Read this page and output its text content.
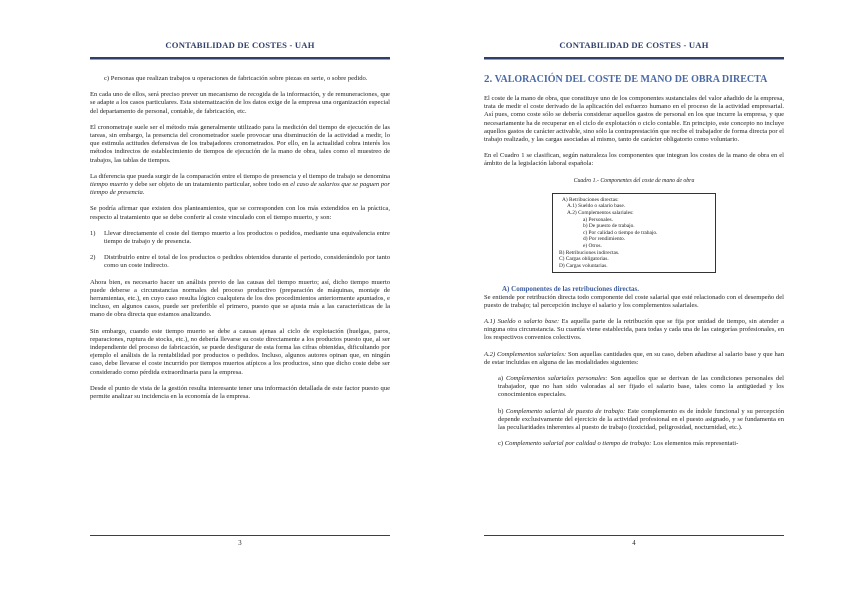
CONTABILIDAD DE COSTES - UAH

c) Personas que realizan trabajos u operaciones de fabricación sobre piezas en serie, o sobre pedido.

En cada uno de ellos, será preciso prever un mecanismo de recogida de la información, y de remuneraciones, que se adapte a los casos particulares. Esta sistematización de los datos exige de la empresa una organización especial del departamento de personal, contable, de fabricación, etc.

El cronometraje suele ser el método más generalmente utilizado para la medición del tiempo de ejecución de las tareas, sin embargo, la presencia del cronometrador suele provocar una disminución de la actividad a medir, lo que estimula actitudes defensivas de los trabajadores cronometrados. Por ello, en la actualidad cobra interés los métodos indirectos de establecimiento de tiempos de ejecución de la mano de obra, tales como el muestreo de trabajos, las tablas de tiempos.

La diferencia que pueda surgir de la comparación entre el tiempo de presencia y el tiempo de trabajo se denomina tiempo muerto y debe ser objeto de un tratamiento particular, sobre todo en el caso de salarios que se paguen por tiempo de presencia.

Se podría afirmar que existen dos planteamientos, que se corresponden con los más extendidos en la práctica, respecto al tratamiento que se debe conferir al coste vinculado con el tiempo muerto, y son:

1)	Llevar directamente el coste del tiempo muerto a los productos o pedidos, mediante una equivalencia entre tiempo de trabajo y de presencia.
2)	Distribuirlo entre el total de los productos o pedidos obtenidos durante el periodo, considerándolo por tanto como un coste indirecto.

Ahora bien, es necesario hacer un análisis previo de las causas del tiempo muerto; así, dicho tiempo muerto puede deberse a circunstancias normales del proceso productivo (preparación de máquinas, montaje de herramientas, etc.), en cuyo caso resulta lógico cualquiera de los dos procedimientos anteriormente apuntados, e incluso, en algunos casos, puede ser preferible el primero, puesto que se ajusta más a las características de la mano de obra directa que estamos analizando.

Sin embargo, cuando este tiempo muerto se debe a causas ajenas al ciclo de explotación (huelgas, paros, reparaciones, ruptura de stocks, etc.), no debería llevarse su coste directamente a los productos puesto que, al ser independiente del proceso de fabricación, se puede desfigurar de esta forma las cifras obtenidas, dificultando por ejemplo el análisis de la rentabilidad por productos o pedidos. Incluso, algunos autores opinan que, en ningún caso, debe llevarse el coste incurrido por tiempos muertos atípicos a los productos, sino que dicho coste debe ser considerado como pérdida extraordinaria para la empresa.

Desde el punto de vista de la gestión resulta interesante tener una información detallada de este factor puesto que permite analizar su incidencia en la economía de la empresa.

3
CONTABILIDAD DE COSTES - UAH
2. VALORACIÓN DEL COSTE DE MANO DE OBRA DIRECTA

El coste de la mano de obra, que constituye uno de los componentes sustanciales del valor añadido de la empresa, trata de medir el coste derivado de la aplicación del esfuerzo humano en el proceso de la actividad empresarial. Así pues, como coste sólo se debería considerar aquellos gastos de personal en los que incurre la empresa, y que necesariamente ha de recuperar en el ciclo de explotación o ciclo contable. En principio, este concepto no incluye aquellos gastos de carácter activable, sino sólo la contraprestación que recibe el trabajador de forma directa por el trabajo realizado, y las cargas asociadas al mismo, tanto de carácter obligatorio como voluntario.

En el Cuadro 1 se clasifican, según naturaleza los componentes que integran los costes de la mano de obra en el ámbito de la legislación laboral española:

Cuadro 1.- Componentes del coste de mano de obra
A) Retribuciones directas:
A.1) Sueldo o salario base.
A.2) Complementos salariales:
a) Personales.
b) De puesto de trabajo.
c) Por calidad o tiempo de trabajo.
d) Por rendimiento.
e) Otros.
B) Retribuciones indirectas.
C) Cargas obligatorias.
D) Cargas voluntarias.

A) Componentes de las retribuciones directas.

Se entiende por retribución directa todo componente del coste salarial que esté relacionado con el desempeño del puesto de trabajo; tal percepción incluye el salario y los complementos salariales.

A.1) Sueldo o salario base: Es aquella parte de la retribución que se fija por unidad de tiempo, sin atender a ninguna otra circunstancia. Su cuantía viene establecida, para todas y cada una de las categorías profesionales, en los respectivos convenios colectivos.

A.2) Complementos salariales: Son aquellas cantidades que, en su caso, deben añadirse al salario base y que han de estar incluidas en alguna de las modalidades siguientes:

a) Complementos salariales personales: Son aquellos que se derivan de las condiciones personales del trabajador, que no han sido valoradas al ser fijado el salario base, tales como la antigüedad y los conocimientos especiales.

b) Complemento salarial de puesto de trabajo: Este complemento es de índole funcional y su percepción depende exclusivamente del ejercicio de la actividad profesional en el puesto asignado, y se fundamenta en las peculiaridades inherentes al puesto de trabajo (toxicidad, peligrosidad, nocturnidad, etc.).

c) Complemento salarial por calidad o tiempo de trabajo: Los elementos más representati-

4
